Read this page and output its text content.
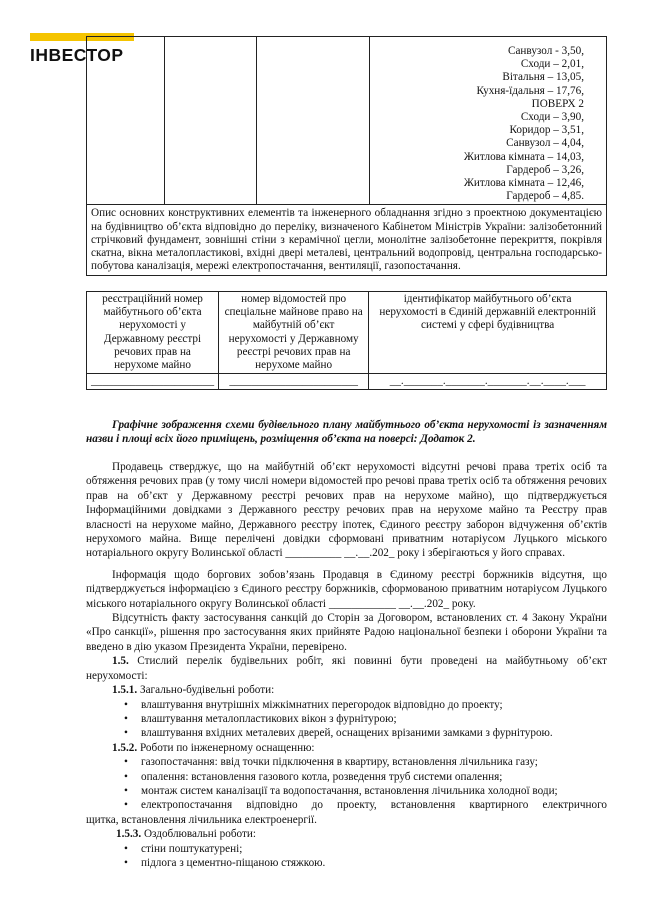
ІНВЕСТОР
				Санвузол - 3,50,
Сходи – 2,01,
Вітальня – 13,05,
Кухня-їдальня – 17,76,
ПОВЕРХ 2
Сходи – 3,90,
Коридор – 3,51,
Санвузол – 4,04,
Житлова кімната – 14,03,
Гардероб – 3,26,
Житлова кімната – 12,46,
Гардероб – 4,85.

Опис основних конструктивних елементів та інженерного обладнання згідно з проектною документацією на будівництво об’єкта відповідно до переліку, визначеного Кабінетом Міністрів України: залізобетонний стрічковий фундамент, зовнішні стіни з керамічної цегли, монолітне залізобетонне перекриття, покрівля скатна, вікна металопластикові, вхідні двері металеві, центральний водопровід, центральна господарсько-побутова каналізація, мережі електропостачання, вентиляції, газопостачання.
реєстраційний номер майбутнього об’єкта нерухомості у Державному реєстрі речових прав на нерухоме майно	номер відомостей про спеціальне майнове право на майбутній об’єкт нерухомості у Державному реєстрі речових прав на нерухоме майно	ідентифікатор майбутнього об’єкта нерухомості в Єдиній державній електронній системі у сфері будівництва
______________________	_______________________	__._______._______._______.__.____.___

Графічне зображення схеми будівельного плану майбутнього об’єкта нерухомості із зазначенням назви і площі всіх його приміщень, розміщення об’єкта на поверсі: Додаток 2.

Продавець стверджує, що на майбутній об’єкт нерухомості відсутні речові права третіх осіб та обтяження речових прав (у тому числі номери відомостей про речові права третіх осіб та обтяження речових прав на об’єкт у Державному реєстрі речових прав на нерухоме майно), що підтверджується Інформаційними довідками з Державного реєстру речових прав на нерухоме майно та Реєстру прав власності на нерухоме майно, Державного реєстру іпотек, Єдиного реєстру заборон відчуження об’єктів нерухомого майна. Вище перелічені довідки сформовані приватним нотаріусом Луцького міського нотаріального округу Волинської області __________ __.__.202_ року і зберігаються у його справах.

Інформація щодо боргових зобов’язань Продавця в Єдиному реєстрі боржників відсутня, що підтверджується інформацією з Єдиного реєстру боржників, сформованою приватним нотаріусом Луцького міського нотаріального округу Волинської області ____________ __.__.202_ року.

Відсутність факту застосування санкцій до Сторін за Договором, встановлених ст. 4 Закону України «Про санкції», рішення про застосування яких прийняте Радою національної безпеки і оборони України та введено в дію указом Президента України, перевірено.

1.5. Стислий перелік будівельних робіт, які повинні бути проведені на майбутньому об’єкт нерухомості:

1.5.1. Загально-будівельні роботи:
• влаштування внутрішніх міжкімнатних перегородок відповідно до проекту;
• влаштування металопластикових вікон з фурнітурою;
• влаштування вхідних металевих дверей, оснащених врізаними замками з фурнітурою.
1.5.2. Роботи по інженерному оснащенню:
• газопостачання: ввід точки підключення в квартиру, встановлення лічильника газу;
• опалення: встановлення газового котла, розведення труб системи опалення;
• монтаж систем каналізації та водопостачання, встановлення лічильника холодної води;
• електропостачання відповідно до проекту, встановлення квартирного електричного
щитка, встановлення лічильника електроенергії.
1.5.3. Оздоблювальні роботи:
• стіни поштукатурені;
• підлога з цементно-піщаною стяжкою.
